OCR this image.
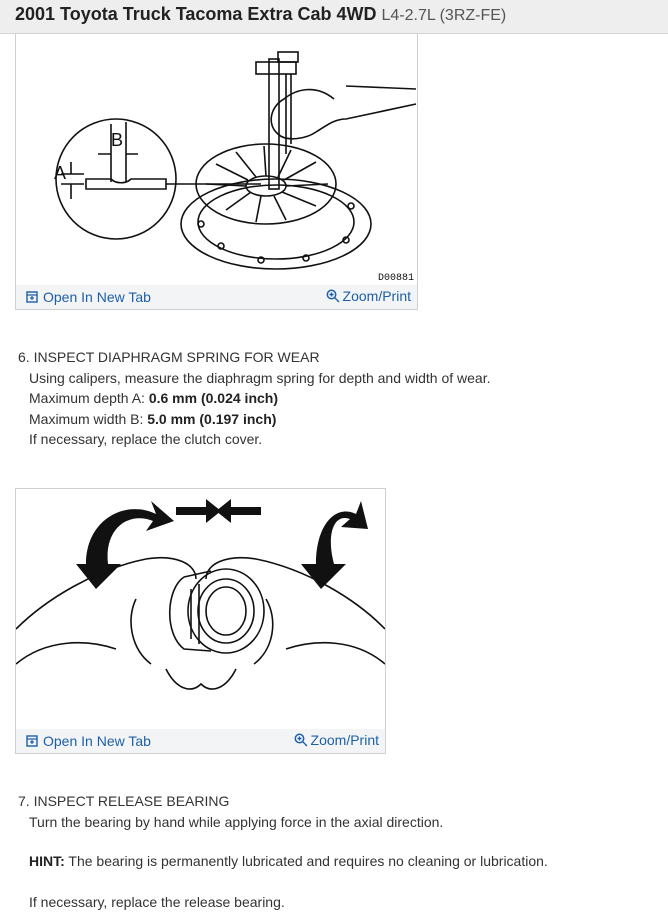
2001 Toyota Truck Tacoma Extra Cab 4WD L4-2.7L (3RZ-FE)
B
A
D00881
Open In New Tab	Zoom/Print
6. INSPECT DIAPHRAGM SPRING FOR WEAR
Using calipers, measure the diaphragm spring for depth and width of wear.
Maximum depth A: 0.6 mm (0.024 inch)
Maximum width B: 5.0 mm (0.197 inch)
If necessary, replace the clutch cover.
Open In New Tab	Zoom/Print
7. INSPECT RELEASE BEARING
Turn the bearing by hand while applying force in the axial direction.
HINT: The bearing is permanently lubricated and requires no cleaning or lubrication.
If necessary, replace the release bearing.
